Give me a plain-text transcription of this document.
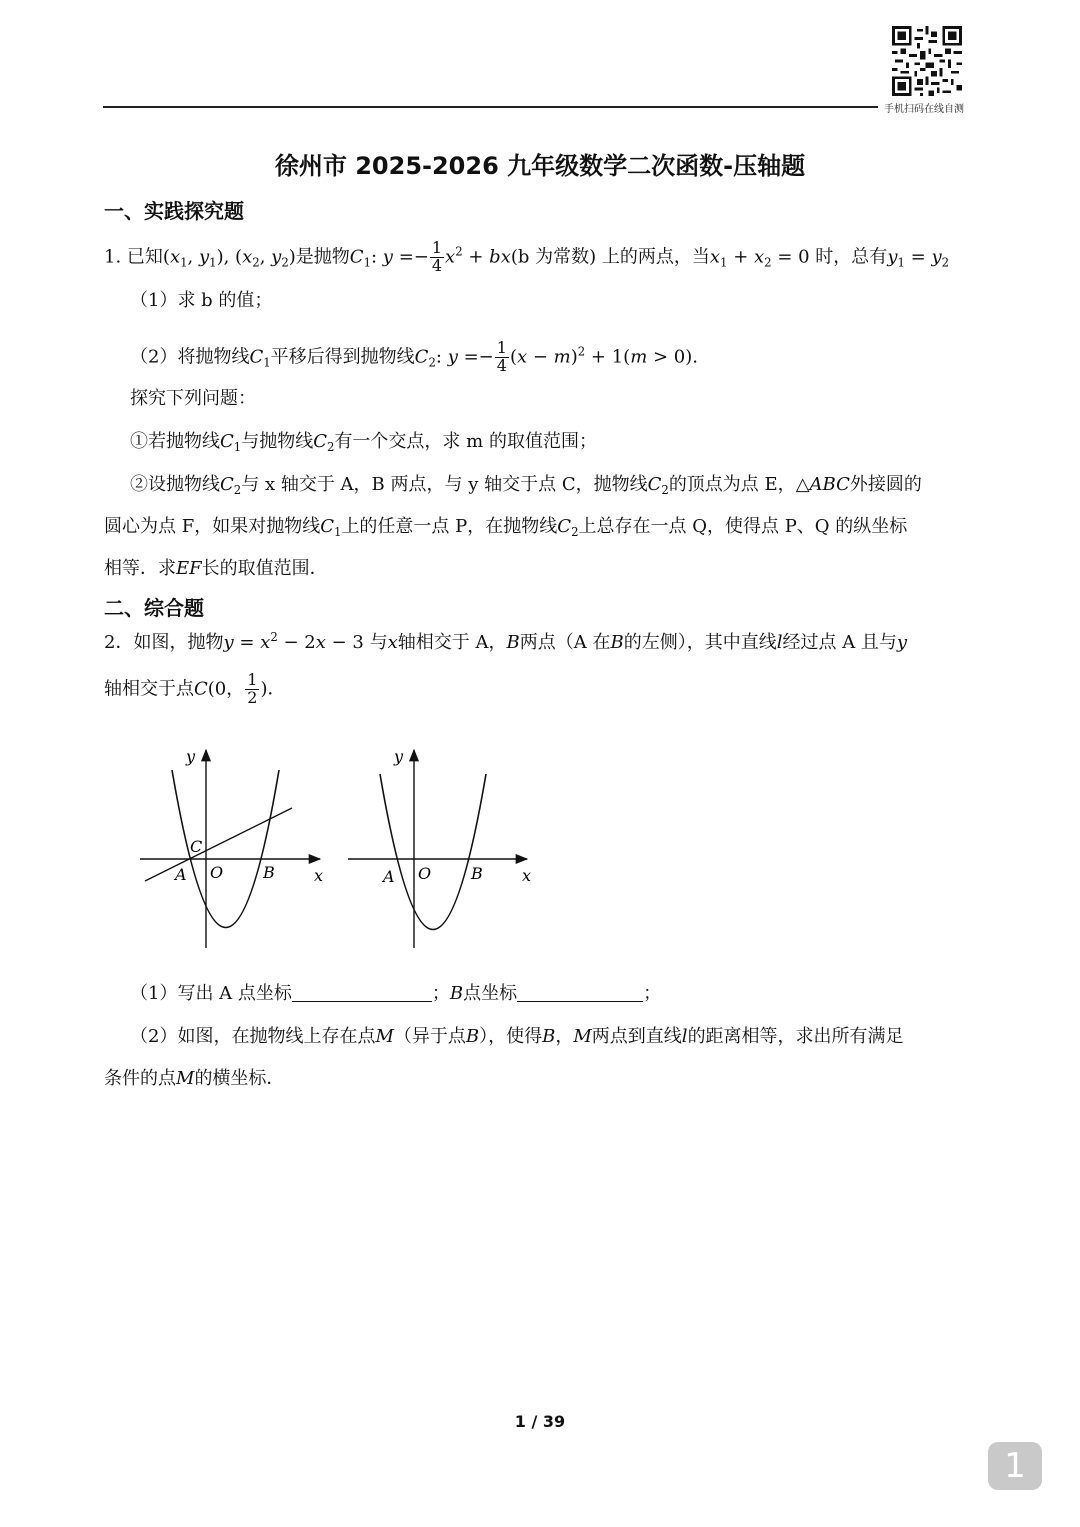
手机扫码在线自测
徐州市 2025-2026 九年级数学二次函数-压轴题
一、实践探究题
1. 已知($x_1$, $y_1$), ($x_2$, $y_2$)是抛物$C_1$: $y =- \frac{1}{4} x^2 + bx(b$ 为常数) 上的两点，当$x_1 + x_2 = 0$ 时，总有$y_1 = y_2$
（1）求 b 的值；
（2）将抛物线$C_1$平移后得到抛物线$C_2$: $y =- \frac{1}{4} (x - m)^2 + 1(m > 0)$.
探究下列问题：
①若抛物线$C_1$与抛物线$C_2$有一个交点，求 m 的取值范围；
②设抛物线$C_2$与 x 轴交于 A，B 两点，与 y 轴交于点 C，抛物线$C_2$的顶点为点 E，△ABC外接圆的
圆心为点 F，如果对抛物线$C_1$上的任意一点 P，在抛物线$C_2$上总存在一点 Q，使得点 P、Q 的纵坐标
相等．求EF长的取值范围．
二、综合题
2．如图，抛物$y = x^2 - 2x - 3$ 与x轴相交于 A，B两点（A 在B的左侧），其中直线l经过点 A 且与y
轴相交于点C(0， $\frac{1}{2}$ )．
y
x
A O B
C
y
x
A O B
（1）写出 A 点坐标	；B点坐标	；
（2）如图，在抛物线上存在点M（异于点B），使得B，M两点到直线l的距离相等，求出所有满足
条件的点M的横坐标．
1 / 39
1
